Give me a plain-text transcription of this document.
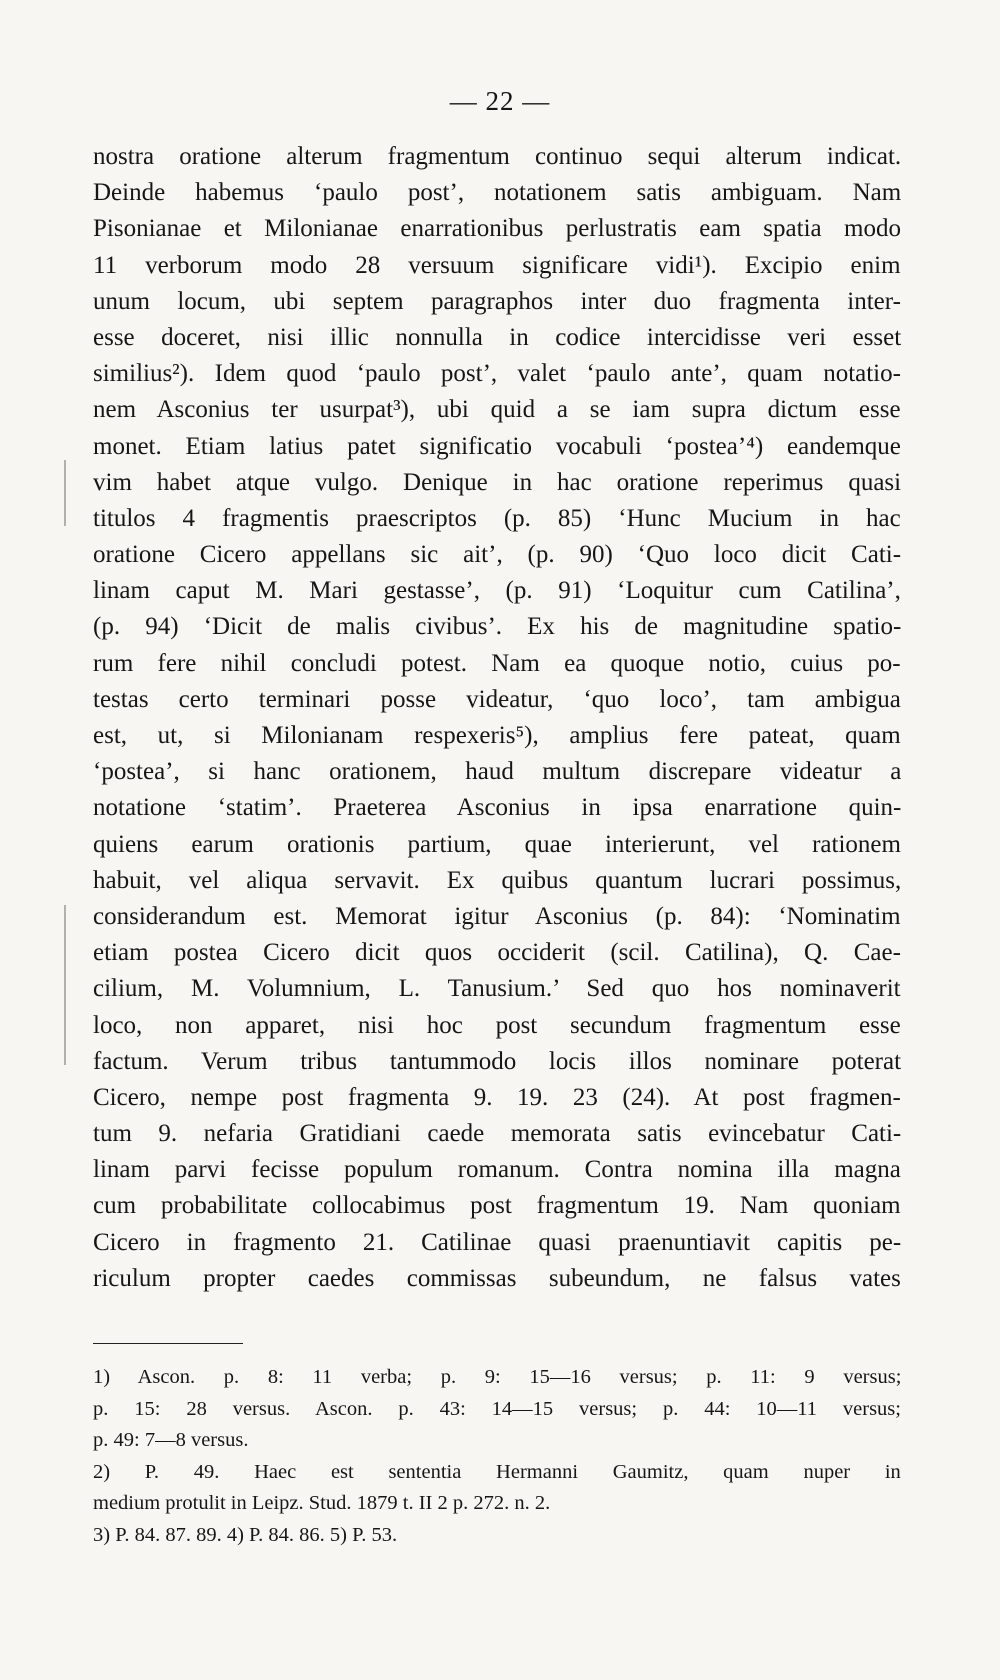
— 22 —
nostra oratione alterum fragmentum continuo sequi alterum indicat.
Deinde habemus ‘paulo post’, notationem satis ambiguam. Nam
Pisonianae et Milonianae enarrationibus perlustratis eam spatia modo
11 verborum modo 28 versuum significare vidi¹). Excipio enim
unum locum, ubi septem paragraphos inter duo fragmenta inter-
esse doceret, nisi illic nonnulla in codice intercidisse veri esset
similius²). Idem quod ‘paulo post’, valet ‘paulo ante’, quam notatio-
nem Asconius ter usurpat³), ubi quid a se iam supra dictum esse
monet. Etiam latius patet significatio vocabuli ‘postea’⁴) eandemque
vim habet atque vulgo. Denique in hac oratione reperimus quasi
titulos 4 fragmentis praescriptos (p. 85) ‘Hunc Mucium in hac
oratione Cicero appellans sic ait’, (p. 90) ‘Quo loco dicit Cati-
linam caput M. Mari gestasse’, (p. 91) ‘Loquitur cum Catilina’,
(p. 94) ‘Dicit de malis civibus’. Ex his de magnitudine spatio-
rum fere nihil concludi potest. Nam ea quoque notio, cuius po-
testas certo terminari posse videatur, ‘quo loco’, tam ambigua
est, ut, si Milonianam respexeris⁵), amplius fere pateat, quam
‘postea’, si hanc orationem, haud multum discrepare videatur a
notatione ‘statim’. Praeterea Asconius in ipsa enarratione quin-
quiens earum orationis partium, quae interierunt, vel rationem
habuit, vel aliqua servavit. Ex quibus quantum lucrari possimus,
considerandum est. Memorat igitur Asconius (p. 84): ‘Nominatim
etiam postea Cicero dicit quos occiderit (scil. Catilina), Q. Cae-
cilium, M. Volumnium, L. Tanusium.’ Sed quo hos nominaverit
loco, non apparet, nisi hoc post secundum fragmentum esse
factum. Verum tribus tantummodo locis illos nominare poterat
Cicero, nempe post fragmenta 9. 19. 23 (24). At post fragmen-
tum 9. nefaria Gratidiani caede memorata satis evincebatur Cati-
linam parvi fecisse populum romanum. Contra nomina illa magna
cum probabilitate collocabimus post fragmentum 19. Nam quoniam
Cicero in fragmento 21. Catilinae quasi praenuntiavit capitis pe-
riculum propter caedes commissas subeundum, ne falsus vates
1) Ascon. p. 8: 11 verba; p. 9: 15—16 versus; p. 11: 9 versus;
p. 15: 28 versus. Ascon. p. 43: 14—15 versus; p. 44: 10—11 versus;
p. 49: 7—8 versus.
2) P. 49. Haec est sententia Hermanni Gaumitz, quam nuper in
medium protulit in Leipz. Stud. 1879 t. II 2 p. 272. n. 2.
3) P. 84. 87. 89. 4) P. 84. 86. 5) P. 53.
